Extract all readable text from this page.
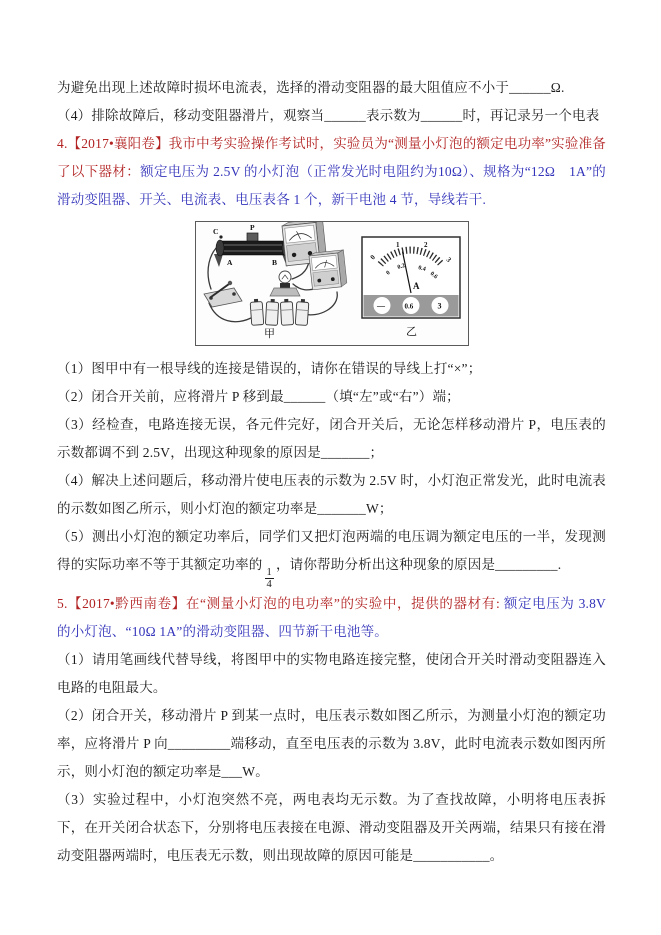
为避免出现上述故障时损坏电流表，选择的滑动变阻器的最大阻值应不小于______Ω.

（4）排除故障后，移动变阻器滑片，观察当______表示数为______时，再记录另一个电表

4.【2017•襄阳卷】我市中考实验操作考试时，实验员为“测量小灯泡的额定电功率”实验准备了以下器材：额定电压为 2.5V 的小灯泡（正常发光时电阻约为10Ω）、规格为“12Ω　1A”的滑动变阻器、开关、电流表、电压表各 1 个，新干电池 4 节，导线若干.

C	P
A	B
甲
0
1	2
3
0
0.2 0.4
0.6
A
—	0.6	3
乙

（1）图甲中有一根导线的连接是错误的，请你在错误的导线上打“×”；

（2）闭合开关前，应将滑片 P 移到最______（填“左”或“右”）端；

（3）经检查，电路连接无误，各元件完好，闭合开关后，无论怎样移动滑片 P，电压表的示数都调不到 2.5V，出现这种现象的原因是_______；

（4）解决上述问题后，移动滑片使电压表的示数为 2.5V 时，小灯泡正常发光，此时电流表的示数如图乙所示，则小灯泡的额定功率是_______W；

（5）测出小灯泡的额定功率后，同学们又把灯泡两端的电压调为额定电压的一半，发现测得的实际功率不等于其额定功率的
$\frac{1}{4}$
，请你帮助分析出这种现象的原因是_________.

5.【2017•黔西南卷】在“测量小灯泡的电功率”的实验中，提供的器材有: 额定电压为 3.8V 的小灯泡、“10Ω 1A”的滑动变阻器、四节新干电池等。

（1）请用笔画线代替导线，将图甲中的实物电路连接完整，使闭合开关时滑动变阻器连入电路的电阻最大。

（2）闭合开关，移动滑片 P 到某一点时，电压表示数如图乙所示，为测量小灯泡的额定功率，应将滑片 P 向_________端移动，直至电压表的示数为 3.8V，此时电流表示数如图丙所示，则小灯泡的额定功率是___W。

（3）实验过程中，小灯泡突然不亮，两电表均无示数。为了查找故障，小明将电压表拆下，在开关闭合状态下，分别将电压表接在电源、滑动变阻器及开关两端，结果只有接在滑动变阻器两端时，电压表无示数，则出现故障的原因可能是___________。
